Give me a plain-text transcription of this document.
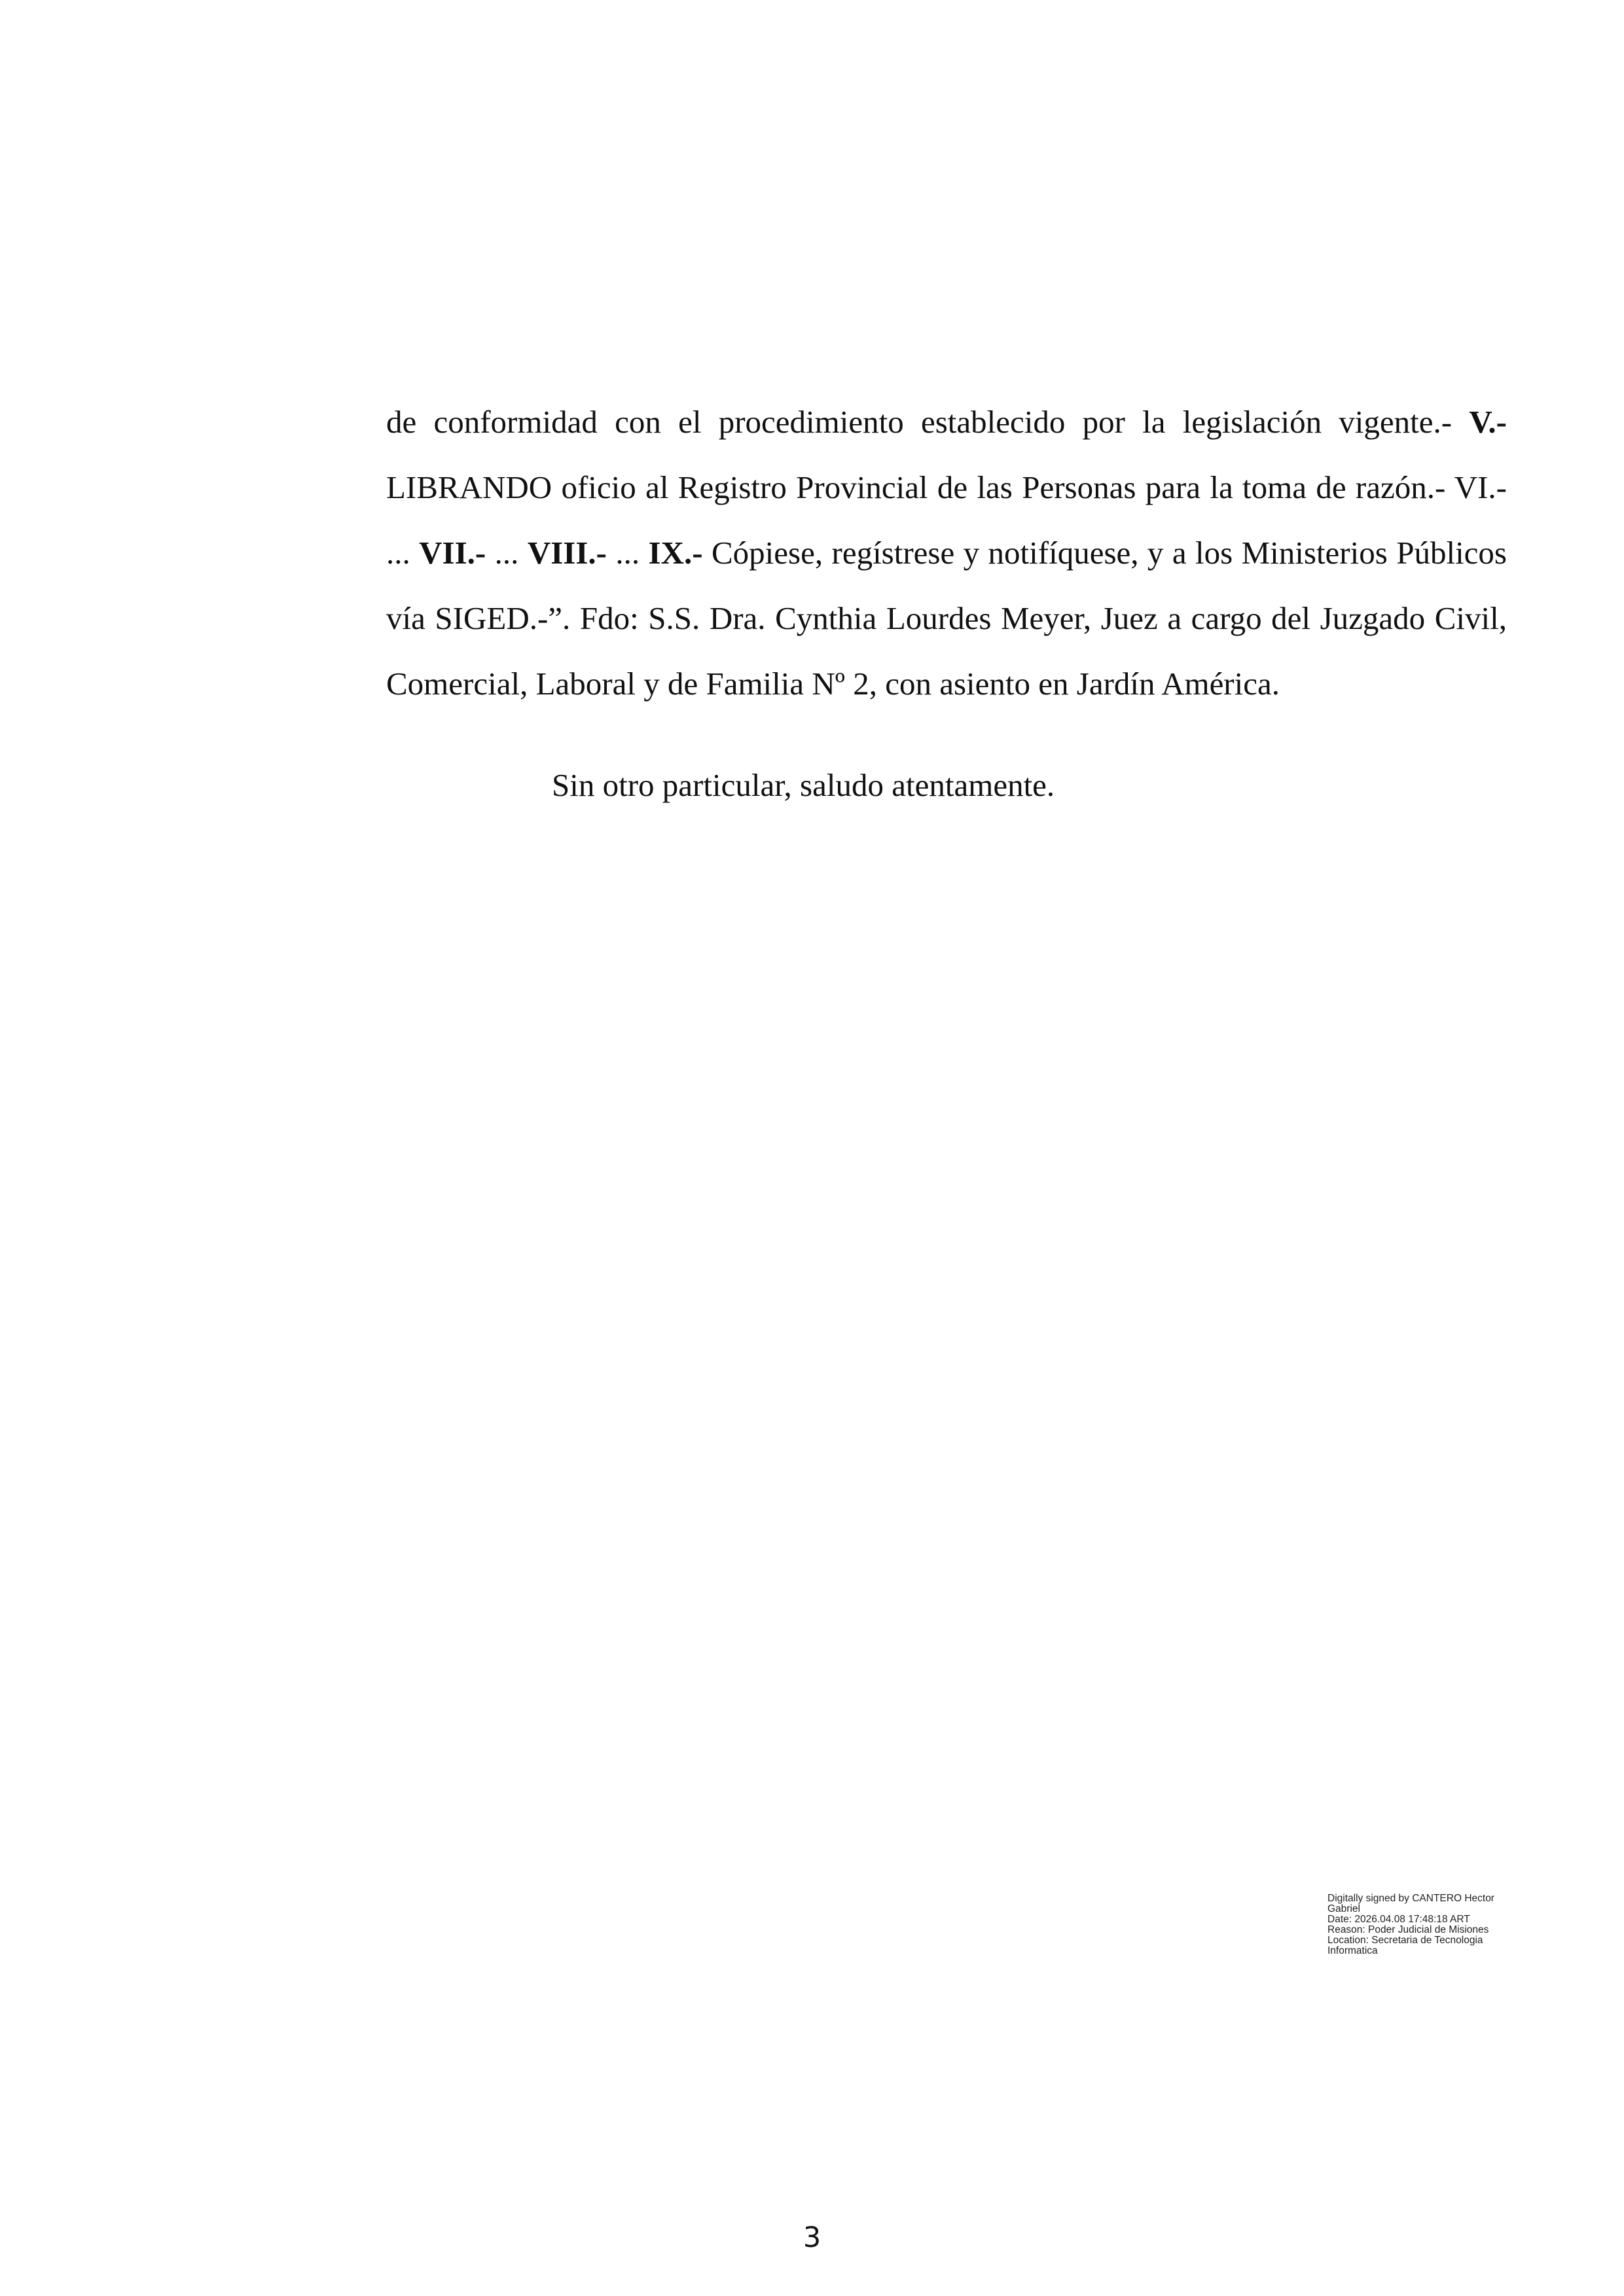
de conformidad con el procedimiento establecido por la legislación vigente.- V.- LIBRANDO oficio al Registro Provincial de las Personas para la toma de razón.- VI.- ... VII.- ... VIII.- ... IX.- Cópiese, regístrese y notifíquese, y a los Ministerios Públicos vía SIGED.-”. Fdo: S.S. Dra. Cynthia Lourdes Meyer, Juez a cargo del Juzgado Civil, Comercial, Laboral y de Familia Nº 2, con asiento en Jardín América.

Sin otro particular, saludo atentamente.
Digitally signed by CANTERO Hector Gabriel
Date: 2026.04.08 17:48:18 ART
Reason: Poder Judicial de Misiones
Location: Secretaria de Tecnologia Informatica
3
